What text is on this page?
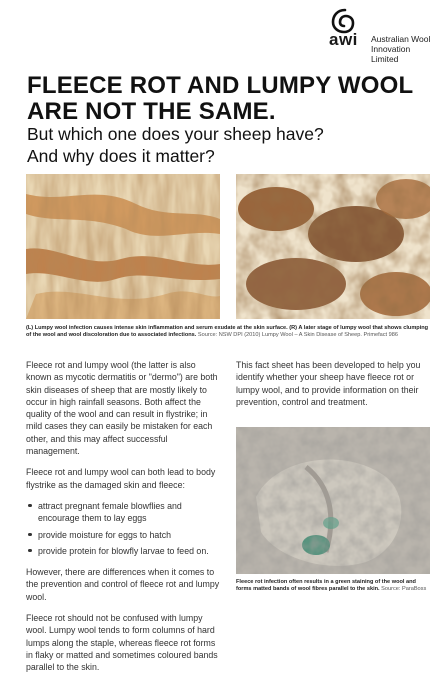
awi Australian Wool
Innovation Limited
FLEECE ROT AND LUMPY WOOL
ARE NOT THE SAME.
But which one does your sheep have?
And why does it matter?
(L) Lumpy wool infection causes intense skin inflammation and serum exudate at the skin surface. (R) A later stage of lumpy wool that shows clumping of the wool and wool discoloration due to associated infections. Source: NSW DPI (2010) Lumpy Wool – A Skin Disease of Sheep. Primefact 986

Fleece rot and lumpy wool (the latter is also known as mycotic dermatitis or "dermo") are both skin diseases of sheep that are mostly likely to occur in high rainfall seasons. Both affect the quality of the wool and can result in flystrike; in mild cases they can easily be mistaken for each other, and this may affect successful management.

Fleece rot and lumpy wool can both lead to body flystrike as the damaged skin and fleece:

attract pregnant female blowflies and encourage them to lay eggs
provide moisture for eggs to hatch
provide protein for blowfly larvae to feed on.

However, there are differences when it comes to the prevention and control of fleece rot and lumpy wool.

Fleece rot should not be confused with lumpy wool. Lumpy wool tends to form columns of hard lumps along the staple, whereas fleece rot forms in flaky or matted and sometimes coloured bands parallel to the skin.

This fact sheet has been developed to help you identify whether your sheep have fleece rot or lumpy wool, and to provide information on their prevention, control and treatment.

Fleece rot infection often results in a green staining of the wool and forms matted bands of wool fibres parallel to the skin. Source: ParaBoss
